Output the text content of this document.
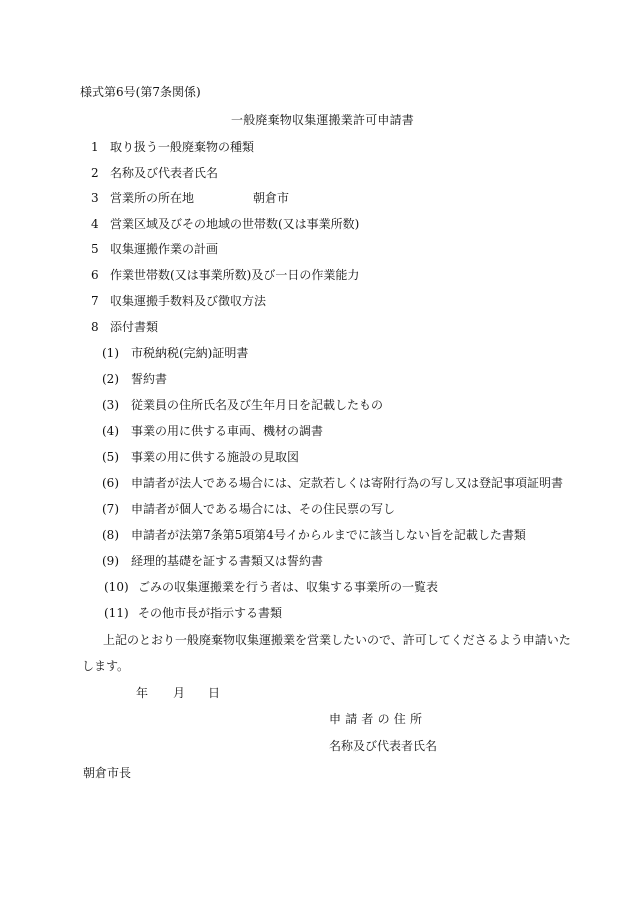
様式第6号(第7条関係)
一般廃棄物収集運搬業許可申請書
1 取り扱う一般廃棄物の種類
2 名称及び代表者氏名
3 営業所の所在地	朝倉市
4 営業区域及びその地域の世帯数(又は事業所数)
5 収集運搬作業の計画
6 作業世帯数(又は事業所数)及び一日の作業能力
7 収集運搬手数料及び徴収方法
8 添付書類
(1)	市税納税(完納)証明書
(2)	誓約書
(3)	従業員の住所氏名及び生年月日を記載したもの
(4)	事業の用に供する車両、機材の調書
(5)	事業の用に供する施設の見取図
(6)	申請者が法人である場合には、定款若しくは寄附行為の写し又は登記事項証明書
(7)	申請者が個人である場合には、その住民票の写し
(8)	申請者が法第7条第5項第4号イからルまでに該当しない旨を記載した書類
(9)	経理的基礎を証する書類又は誓約書
(10) ごみの収集運搬業を行う者は、収集する事業所の一覧表
(11) その他市長が指示する書類
上記のとおり一般廃棄物収集運搬業を営業したいので、許可してくださるよう申請いた
します。
年 月 日
申請者の住所
名称及び代表者氏名
朝倉市長
